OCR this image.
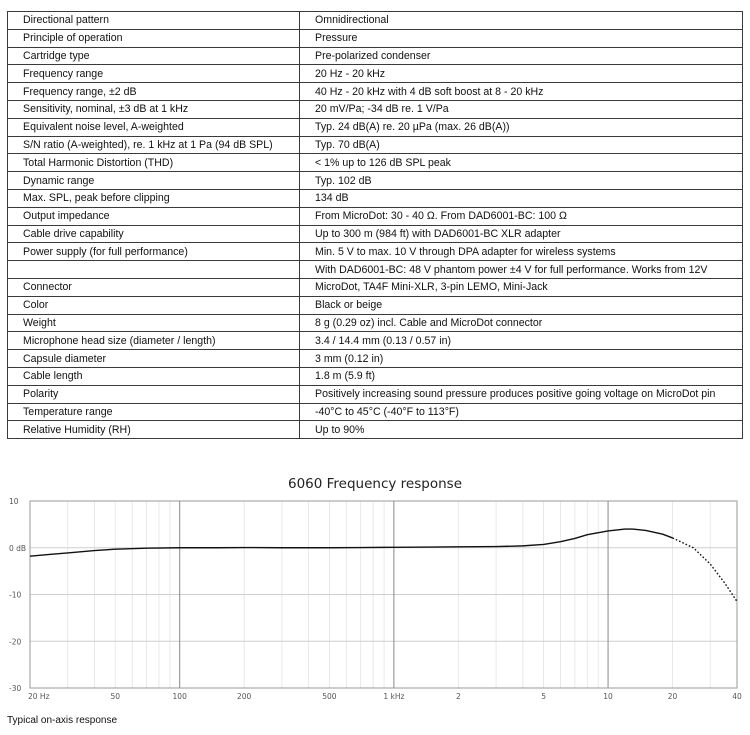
Directional pattern	Omnidirectional
Principle of operation	Pressure
Cartridge type	Pre-polarized condenser
Frequency range	20 Hz - 20 kHz
Frequency range, ±2 dB	40 Hz - 20 kHz with 4 dB soft boost at 8 - 20 kHz
Sensitivity, nominal, ±3 dB at 1 kHz	20 mV/Pa; -34 dB re. 1 V/Pa
Equivalent noise level, A-weighted	Typ. 24 dB(A) re. 20 µPa (max. 26 dB(A))
S/N ratio (A-weighted), re. 1 kHz at 1 Pa (94 dB SPL)	Typ. 70 dB(A)
Total Harmonic Distortion (THD)	< 1% up to 126 dB SPL peak
Dynamic range	Typ. 102 dB
Max. SPL, peak before clipping	134 dB
Output impedance	From MicroDot: 30 - 40 Ω. From DAD6001-BC: 100 Ω
Cable drive capability	Up to 300 m (984 ft) with DAD6001-BC XLR adapter
Power supply (for full performance)	Min. 5 V to max. 10 V through DPA adapter for wireless systems
	With DAD6001-BC: 48 V phantom power ±4 V for full performance. Works from 12V
Connector	MicroDot, TA4F Mini-XLR, 3-pin LEMO, Mini-Jack
Color	Black or beige
Weight	8 g (0.29 oz) incl. Cable and MicroDot connector
Microphone head size (diameter / length)	3.4 / 14.4 mm (0.13 / 0.57 in)
Capsule diameter	3 mm (0.12 in)
Cable length	1.8 m (5.9 ft)
Polarity	Positively increasing sound pressure produces positive going voltage on MicroDot pin
Temperature range	-40°C to 45°C (-40°F to 113°F)
Relative Humidity (RH)	Up to 90%
6060 Frequency response
10
0 dB
-10
-20
-30
20 Hz	50	100	200	500	1 kHz	2	5	10	20	40
Typical on-axis response
